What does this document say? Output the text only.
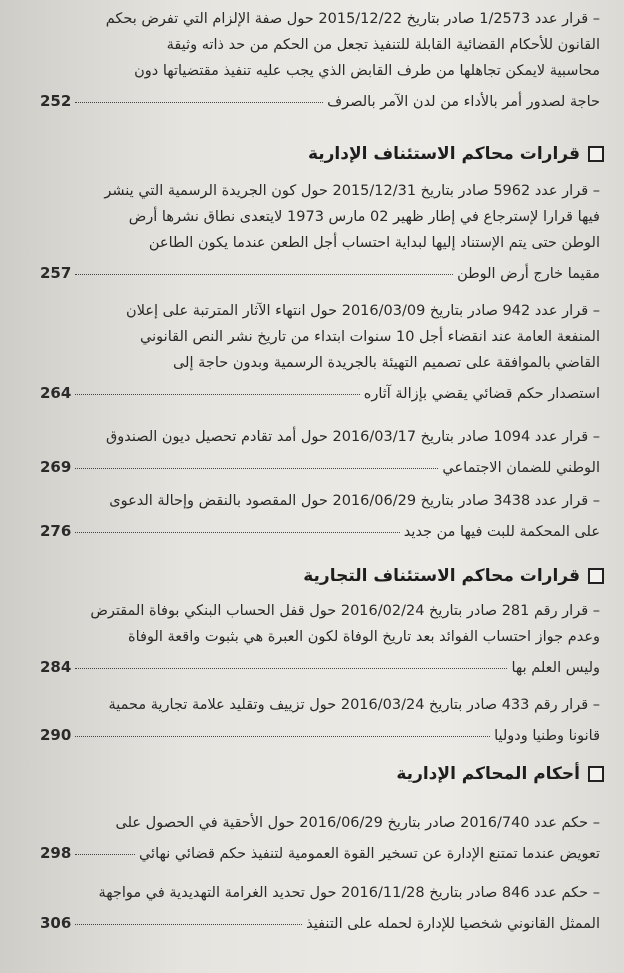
– قرار عدد 1/2573 صادر بتاريخ 2015/12/22 حول صفة الإلزام التي تفرض بحكم
القانون للأحكام القضائية القابلة للتنفيذ تجعل من الحكم من حد ذاته وثيقة
محاسبية لايمكن تجاهلها من طرف القابض الذي يجب عليه تنفيذ مقتضياتها دون
حاجة لصدور أمر بالأداء من لدن الآمر بالصرف
252
قرارات محاكم الاستئناف الإدارية
– قرار عدد 5962 صادر بتاريخ 2015/12/31 حول كون الجريدة الرسمية التي ينشر
فيها قرارا لإسترجاع في إطار ظهير 02 مارس 1973 لايتعدى نطاق نشرها أرض
الوطن حتى يتم الإستناد إليها لبداية احتساب أجل الطعن عندما يكون الطاعن
مقيما خارج أرض الوطن
257
– قرار عدد 942 صادر بتاريخ 2016/03/09 حول انتهاء الآثار المترتبة على إعلان
المنفعة العامة عند انقضاء أجل 10 سنوات ابتداء من تاريخ نشر النص القانوني
القاضي بالموافقة على تصميم التهيئة بالجريدة الرسمية وبدون حاجة إلى
استصدار حكم قضائي يقضي بإزالة آثاره
264
– قرار عدد 1094 صادر بتاريخ 2016/03/17 حول أمد تقادم تحصيل ديون الصندوق
الوطني للضمان الاجتماعي
269
– قرار عدد 3438 صادر بتاريخ 2016/06/29 حول المقصود بالنقض وإحالة الدعوى
على المحكمة للبت فيها من جديد
276
قرارات محاكم الاستئناف التجارية
– قرار رقم 281 صادر بتاريخ 2016/02/24 حول قفل الحساب البنكي بوفاة المقترض
وعدم جواز احتساب الفوائد بعد تاريخ الوفاة لكون العبرة هي بثبوت واقعة الوفاة
وليس العلم بها
284
– قرار رقم 433 صادر بتاريخ 2016/03/24 حول تزييف وتقليد علامة تجارية محمية
قانونا وطنيا ودوليا
290
أحكام المحاكم الإدارية
– حكم عدد 2016/740 صادر بتاريخ 2016/06/29 حول الأحقية في الحصول على
تعويض عندما تمتنع الإدارة عن تسخير القوة العمومية لتنفيذ حكم قضائي نهائي
298
– حكم عدد 846 صادر بتاريخ 2016/11/28 حول تحديد الغرامة التهديدية في مواجهة
الممثل القانوني شخصيا للإدارة لحمله على التنفيذ
306
